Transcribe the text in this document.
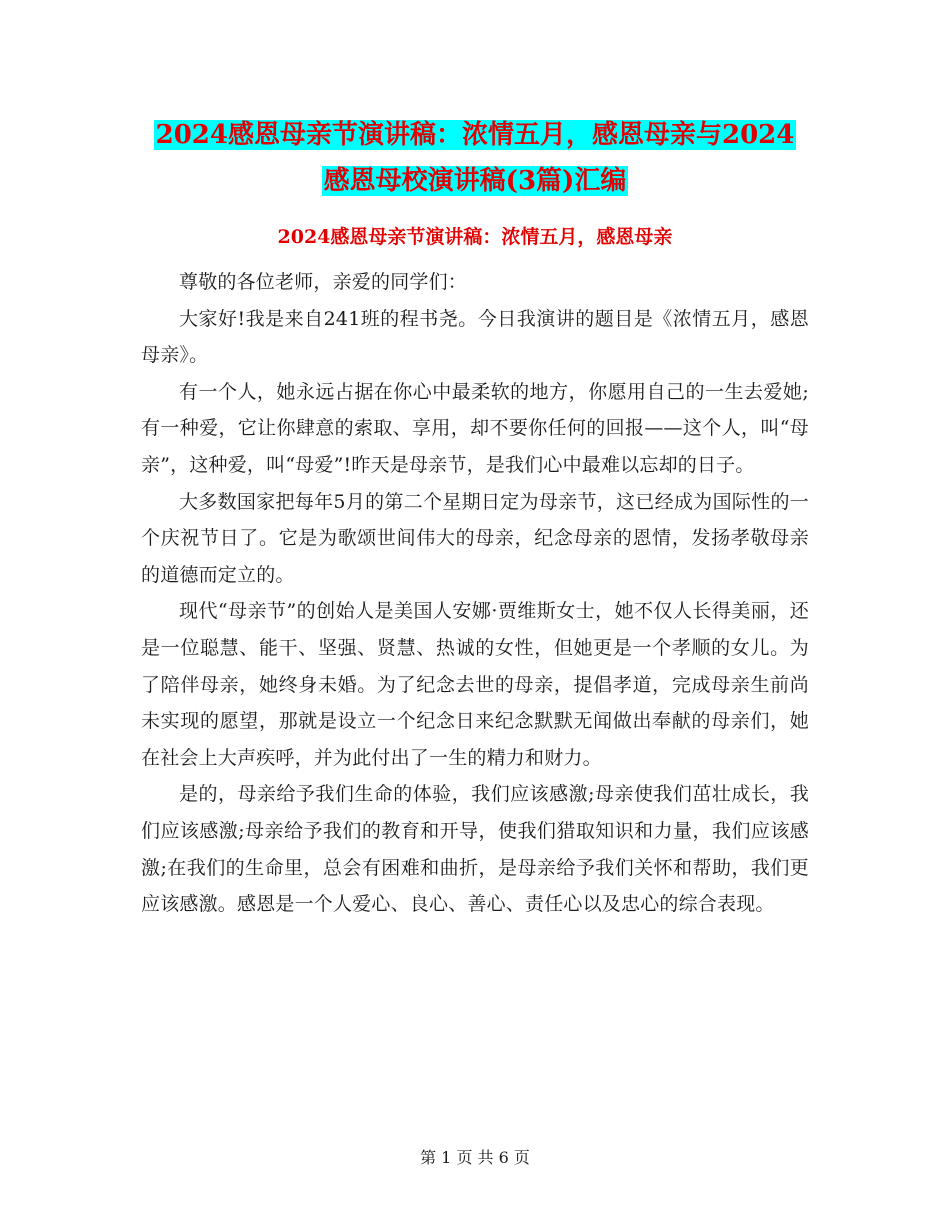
2024感恩母亲节演讲稿：浓情五月，感恩母亲与2024
感恩母校演讲稿(3篇)汇编
2024感恩母亲节演讲稿：浓情五月，感恩母亲

尊敬的各位老师，亲爱的同学们：

大家好!我是来自241班的程书尧。今日我演讲的题目是《浓情五月，感恩母亲》。

有一个人，她永远占据在你心中最柔软的地方，你愿用自己的一生去爱她;有一种爱，它让你肆意的索取、享用，却不要你任何的回报——这个人，叫“母亲”，这种爱，叫“母爱”!昨天是母亲节，是我们心中最难以忘却的日子。

大多数国家把每年5月的第二个星期日定为母亲节，这已经成为国际性的一个庆祝节日了。它是为歌颂世间伟大的母亲，纪念母亲的恩情，发扬孝敬母亲的道德而定立的。

现代“母亲节”的创始人是美国人安娜·贾维斯女士，她不仅人长得美丽，还是一位聪慧、能干、坚强、贤慧、热诚的女性，但她更是一个孝顺的女儿。为了陪伴母亲，她终身未婚。为了纪念去世的母亲，提倡孝道，完成母亲生前尚未实现的愿望，那就是设立一个纪念日来纪念默默无闻做出奉献的母亲们，她在社会上大声疾呼，并为此付出了一生的精力和财力。

是的，母亲给予我们生命的体验，我们应该感激;母亲使我们茁壮成长，我们应该感激;母亲给予我们的教育和开导，使我们猎取知识和力量，我们应该感激;在我们的生命里，总会有困难和曲折，是母亲给予我们关怀和帮助，我们更应该感激。感恩是一个人爱心、良心、善心、责任心以及忠心的综合表现。

第 1 页 共 6 页
